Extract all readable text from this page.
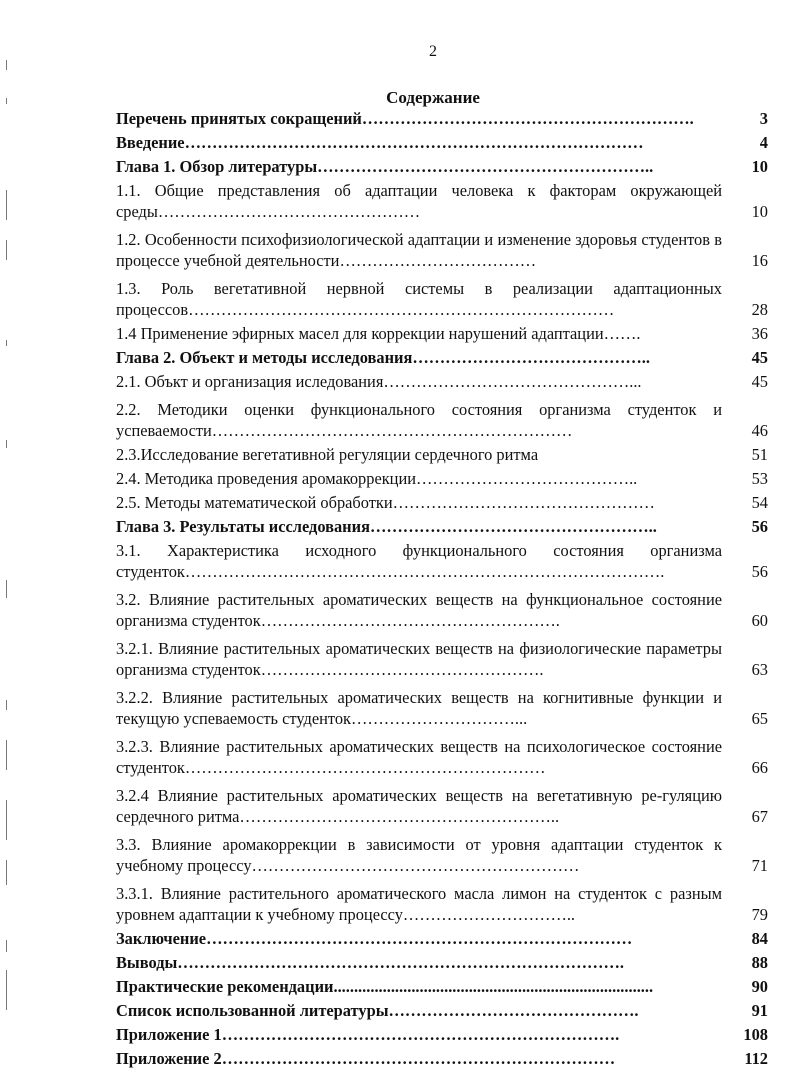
2
Содержание
Перечень принятых сокращений…………………………………………………….	3
Введение…………………………………………………………………………	4
Глава 1. Обзор литературы……………………………………………………..	10
1.1. Общие представления об адаптации человека к факторам окружающей среды…………………………………………	10
1.2. Особенности психофизиологической адаптации и изменение здоровья студентов в процессе учебной деятельности………………………………	16
1.3. Роль вегетативной нервной системы в реализации адаптационных процессов……………………………………………………………………	28
1.4 Применение эфирных масел для коррекции нарушений адаптации…….	36
Глава 2. Объект и методы исследования……………………………………..	45
2.1. Объкт и организация иследования………………………………………...	45
2.2. Методики оценки функционального состояния организма студенток и успеваемости…………………………………………………………	46
2.3.Исследование вегетативной регуляции сердечного ритма	51
2.4. Методика проведения аромакоррекции…………………………………..	53
2.5. Методы математической обработки…………………………………………	54
Глава 3. Результаты исследования……………………………………………..	56
3.1. Характеристика исходного функционального состояния организма студенток…………………………………………………………………………….	56
3.2. Влияние растительных ароматических веществ на функциональное состояние организма студенток……………………………………………….	60
3.2.1. Влияние растительных ароматических веществ на физиологические параметры организма студенток…………………………………………….	63
3.2.2. Влияние растительных ароматических веществ на когнитивные функции и текущую успеваемость студенток…………………………...	65
3.2.3. Влияние растительных ароматических веществ на психологическое состояние студенток…………………………………………………………	66
3.2.4 Влияние растительных ароматических веществ на вегетативную ре-гуляцию сердечного ритма…………………………………………………..	67
3.3. Влияние аромакоррекции в зависимости от уровня адаптации студенток к учебному процессу……………………………………………………	71
3.3.1. Влияние растительного ароматического масла лимон на студенток с разным уровнем адаптации к учебному процессу…………………………..	79
Заключение……………………………………………………………………	84
Выводы……………………………………………………………………….	88
Практические рекомендации..............................................................................	90
Список использованной литературы……………………………………….	91
Приложение 1……………………………………………………………….	108
Приложение 2………………………………………………………………	112
